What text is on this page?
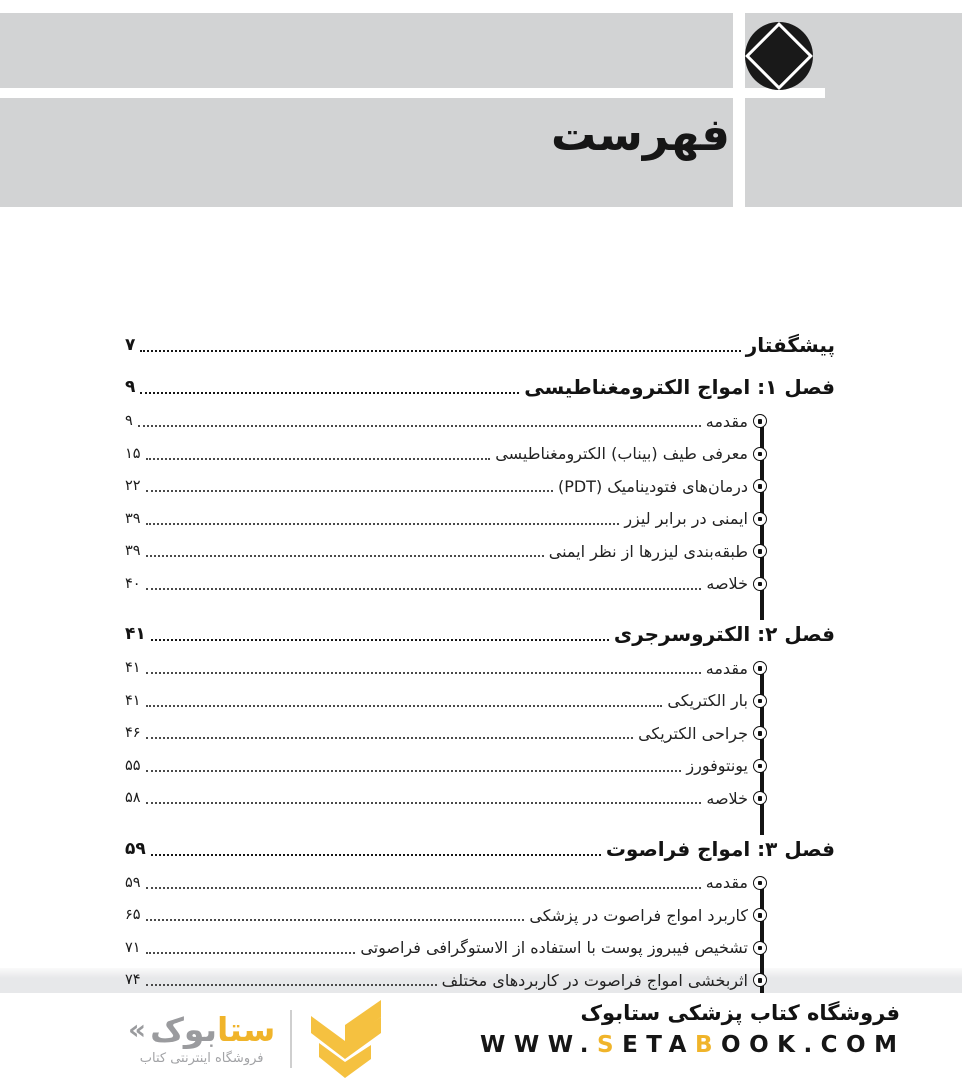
فهرست
پیشگفتار
۷
فصل ۱: امواج الکترومغناطیسی
۹
مقدمه
۹
معرفی طیف (بیناب) الکترومغناطیسی
۱۵
درمان‌های فتودینامیک (PDT)
۲۲
ایمنی در برابر لیزر
۳۹
طبقه‌بندی لیزرها از نظر ایمنی
۳۹
خلاصه
۴۰
فصل ۲: الکتروسرجری
۴۱
مقدمه
۴۱
بار الکتریکی
۴۱
جراحی الکتریکی
۴۶
یونتوفورز
۵۵
خلاصه
۵۸
فصل ۳: امواج فراصوت
۵۹
مقدمه
۵۹
کاربرد امواج فراصوت در پزشکی
۶۵
تشخیص فیبروز پوست با استفاده از الاستوگرافی فراصوتی
۷۱
اثربخشی امواج فراصوت در کاربردهای مختلف
۷۴
فروشگاه کتاب پزشکی ستابوک
WWW.SETABOOK.COM
«	ستابوک
فروشگاه اینترنتی کتاب
